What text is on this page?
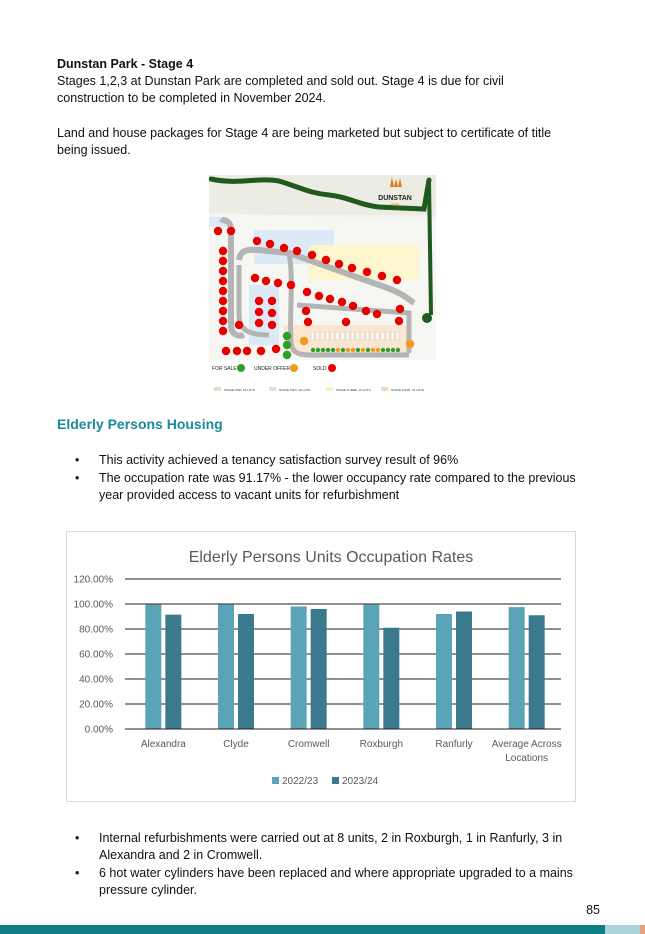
Dunstan Park - Stage 4
Stages 1,2,3 at Dunstan Park are completed and sold out. Stage 4 is due for civil
construction to be completed in November 2024.
Land and house packages for Stage 4 are being marketed but subject to certificate of title
being issued.
DUNSTAN
PARK
FOR SALE	UNDER OFFER	SOLD
STAGE ONE, 16 LOTS	STAGE TWO, 16 LOTS	STAGE THREE, 19 LOTS	STAGE FOUR, 21 LOTS
Elderly Persons Housing
• This activity achieved a tenancy satisfaction survey result of 96%
• The occupation rate was 91.17% - the lower occupancy rate compared to the previous year provided access to vacant units for refurbishment
Elderly Persons Units Occupation Rates
0.00%
20.00%
40.00%
60.00%
80.00%
100.00%
120.00%
Alexandra	Clyde	Cromwell	Roxburgh	Ranfurly Average Across
Locations
2022/23 2023/24
• Internal refurbishments were carried out at 8 units, 2 in Roxburgh, 1 in Ranfurly, 3 in Alexandra and 2 in Cromwell.
• 6 hot water cylinders have been replaced and where appropriate upgraded to a mains pressure cylinder.
85
